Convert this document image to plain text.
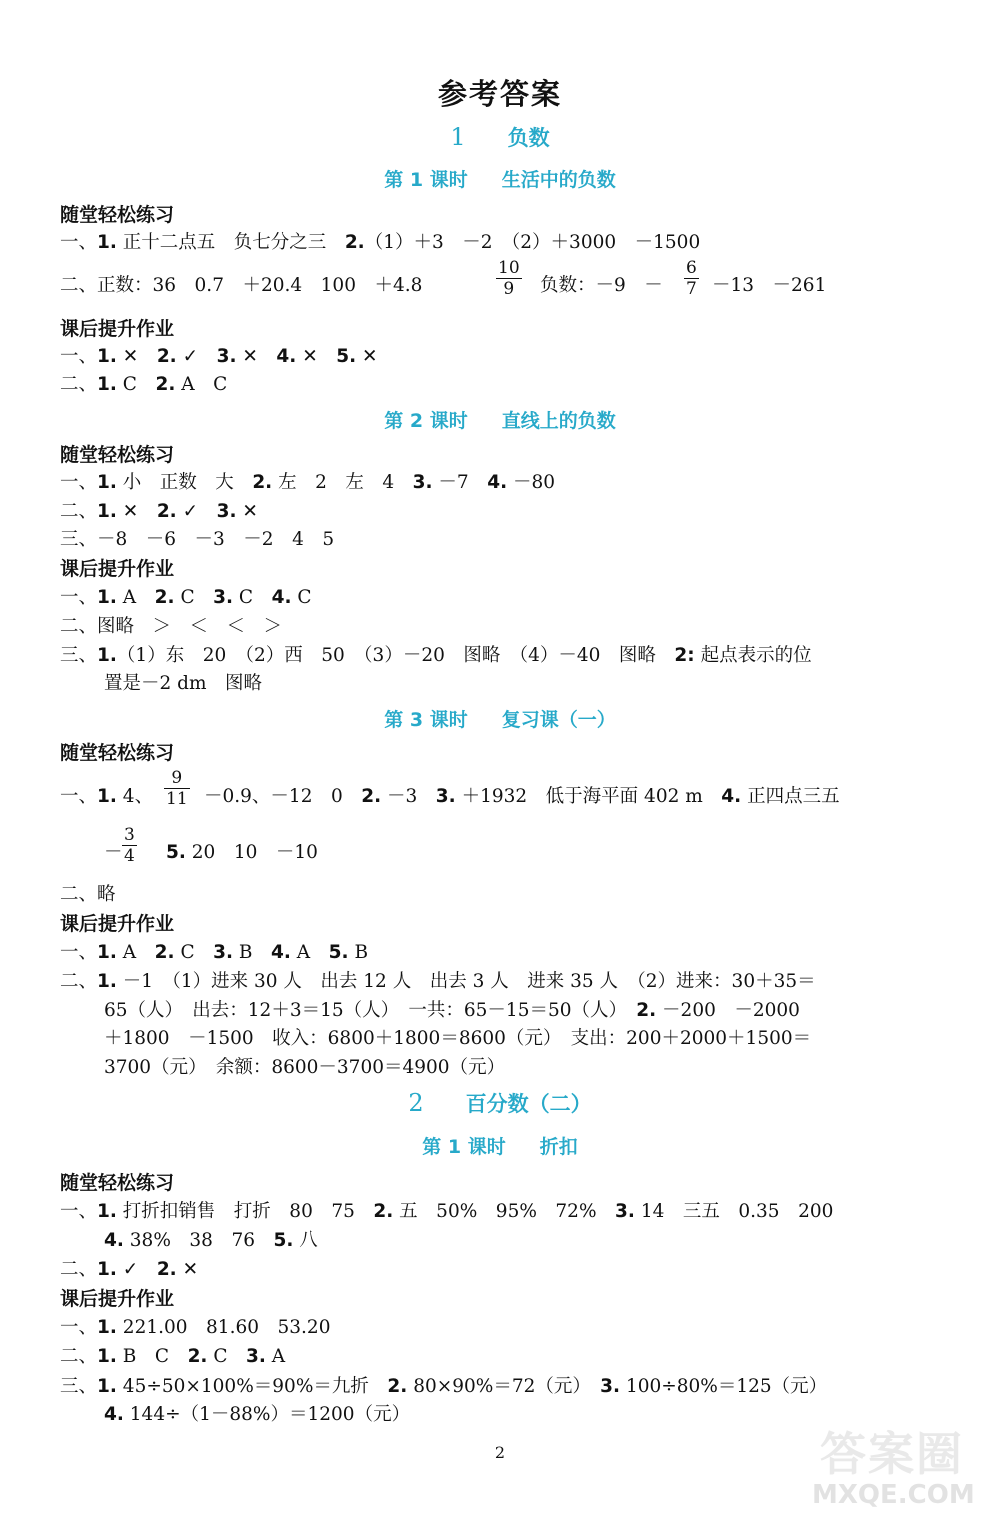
参考答案
1 负数
第 1 课时 生活中的负数
随堂轻松练习
一、1. 正十二点五　负七分之三　2.（1）＋3　－2　（2）＋3000　－1500
二、正数：36　0.7　＋20.4　100　＋4.8	$\frac{10}{9}$ 负数：－9　－ $\frac{6}{7} -13$　－261
课后提升作业
一、1. ✕　2. ✓　3. ✕　4. ✕　5. ✕
二、1. C　2. A　C
第 2 课时 直线上的负数
随堂轻松练习
一、1. 小　正数　大　2. 左　2　左　4　3. －7　4. －80
二、1. ✕　2. ✓　3. ✕
三、－8　－6　－3　－2　4　5
课后提升作业
一、1. A　2. C　3. C　4. C
二、图略　＞　＜　＜　＞
三、1.（1）东　20　（2）西　50　（3）－20　图略　（4）－40　图略　2: 起点表示的位
置是－2 dm　图略
第 3 课时 复习课（一）
随堂轻松练习
一、1. 4、 $\frac{9}{11} -0.9$、－12　0　2. －3　3. ＋1932　低于海平面 402 m　4. 正四点三五
－ $\frac{3}{4} 5$. 20　10　－10
二、略
课后提升作业
一、1. A　2. C　3. B　4. A　5. B
二、1. －1　（1）进来 30 人　出去 12 人　出去 3 人　进来 35 人　（2）进来：30＋35＝
65（人）　出去：12＋3＝15（人）　一共：65－15＝50（人）　2. －200　－2000
＋1800　－1500　收入：6800＋1800＝8600（元）　支出：200＋2000＋1500＝
3700（元）　余额：8600－3700＝4900（元）
2 百分数（二）
第 1 课时 折扣
随堂轻松练习
一、1. 打折扣销售　打折　80　75　2. 五　50%　95%　72%　3. 14　三五　0.35　200
4. 38%　38　76　5. 八
二、1. ✓　2. ✕
课后提升作业
一、1. 221.00　81.60　53.20
二、1. B　C　2. C　3. A
三、1. 45÷50×100%＝90%＝九折　2. 80×90%＝72（元）　3. 100÷80%＝125（元）
4. 144÷（1－88%）＝1200（元）
2	答案圈
MXQE.COM
